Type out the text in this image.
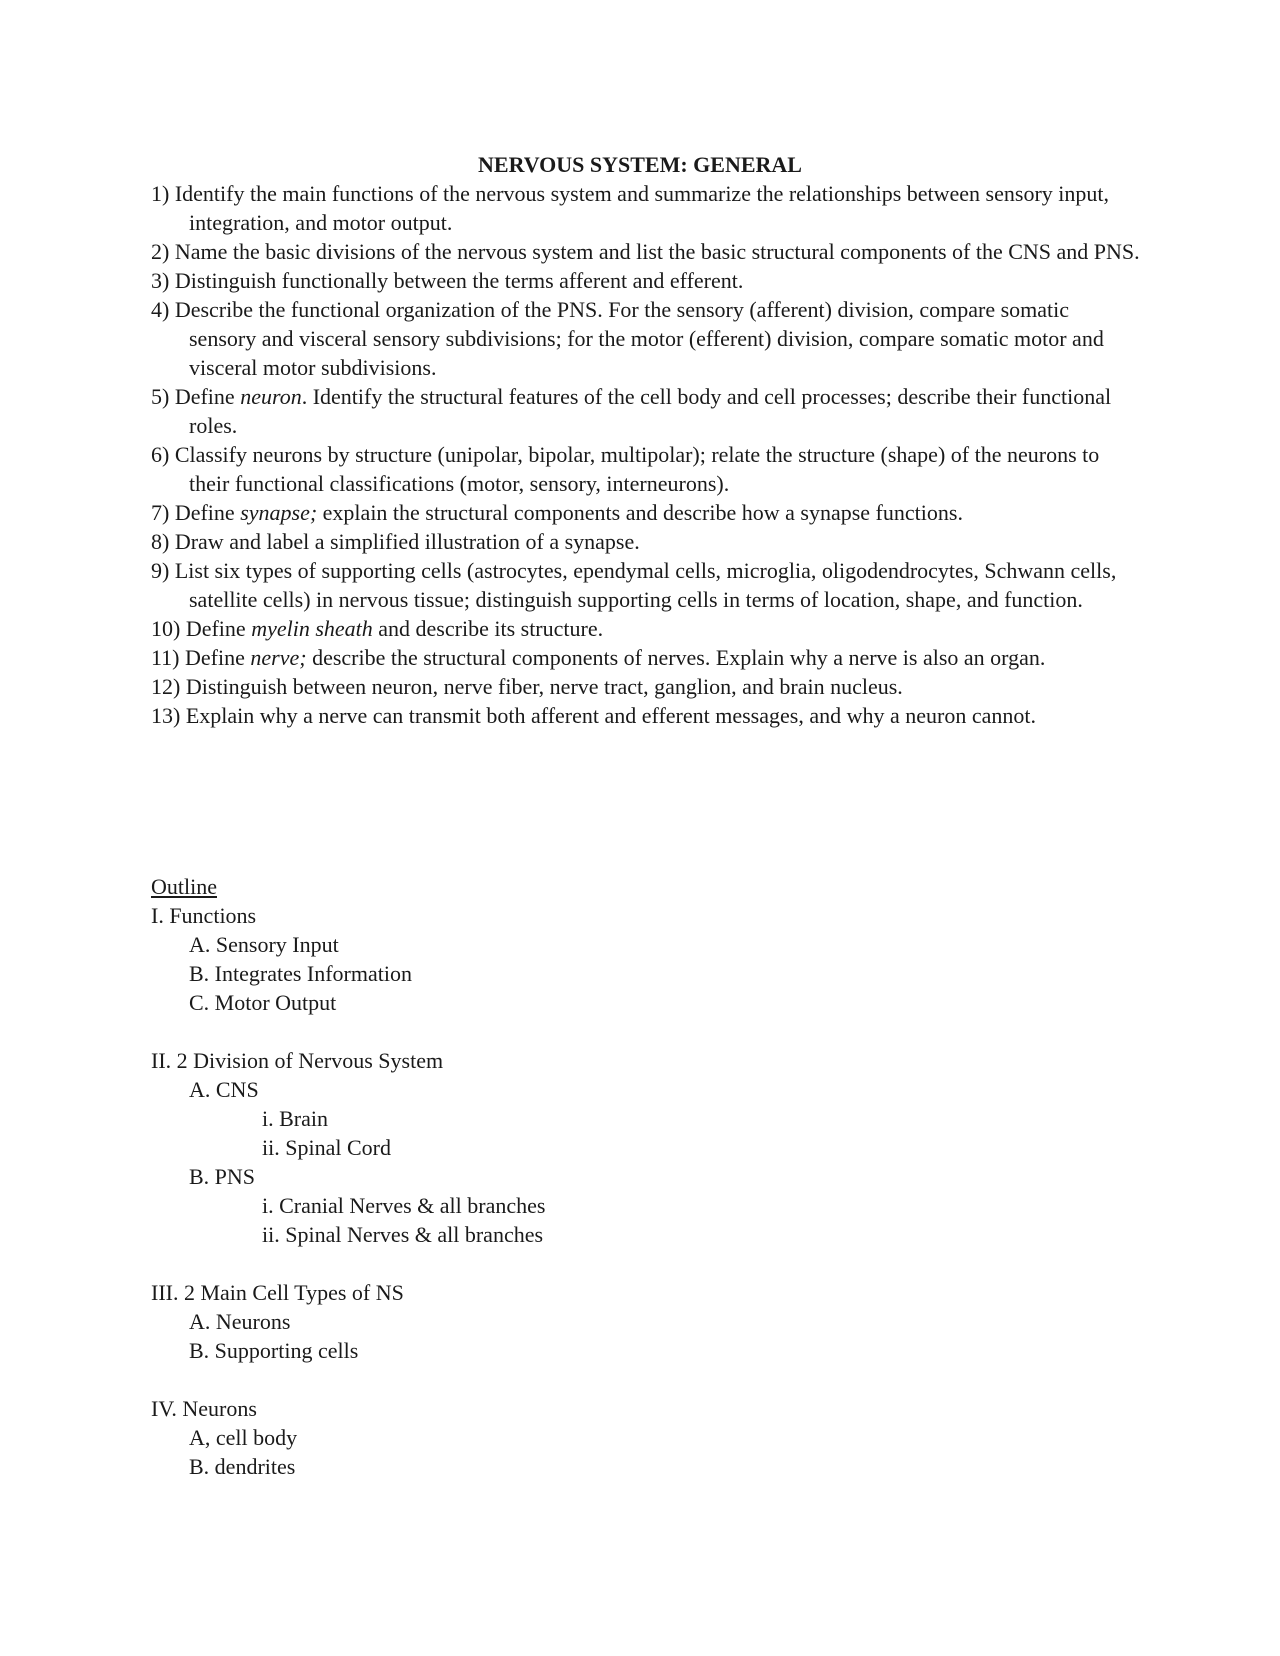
NERVOUS SYSTEM: GENERAL

1) Identify the main functions of the nervous system and summarize the relationships between sensory input, integration, and motor output.

2) Name the basic divisions of the nervous system and list the basic structural components of the CNS and PNS.

3) Distinguish functionally between the terms afferent and efferent.

4) Describe the functional organization of the PNS. For the sensory (afferent) division, compare somatic sensory and visceral sensory subdivisions; for the motor (efferent) division, compare somatic motor and visceral motor subdivisions.

5) Define neuron. Identify the structural features of the cell body and cell processes; describe their functional roles.

6) Classify neurons by structure (unipolar, bipolar, multipolar); relate the structure (shape) of the neurons to their functional classifications (motor, sensory, interneurons).

7) Define synapse; explain the structural components and describe how a synapse functions.

8) Draw and label a simplified illustration of a synapse.

9) List six types of supporting cells (astrocytes, ependymal cells, microglia, oligodendrocytes, Schwann cells, satellite cells) in nervous tissue; distinguish supporting cells in terms of location, shape, and function.

10) Define myelin sheath and describe its structure.

11) Define nerve; describe the structural components of nerves. Explain why a nerve is also an organ.

12) Distinguish between neuron, nerve fiber, nerve tract, ganglion, and brain nucleus.

13) Explain why a nerve can transmit both afferent and efferent messages, and why a neuron cannot.

Outline

I. Functions

A. Sensory Input

B. Integrates Information

C. Motor Output

II. 2 Division of Nervous System

A. CNS

i. Brain

ii. Spinal Cord

B. PNS

i. Cranial Nerves & all branches

ii. Spinal Nerves & all branches

III. 2 Main Cell Types of NS

A. Neurons

B. Supporting cells

IV. Neurons

A, cell body

B. dendrites
